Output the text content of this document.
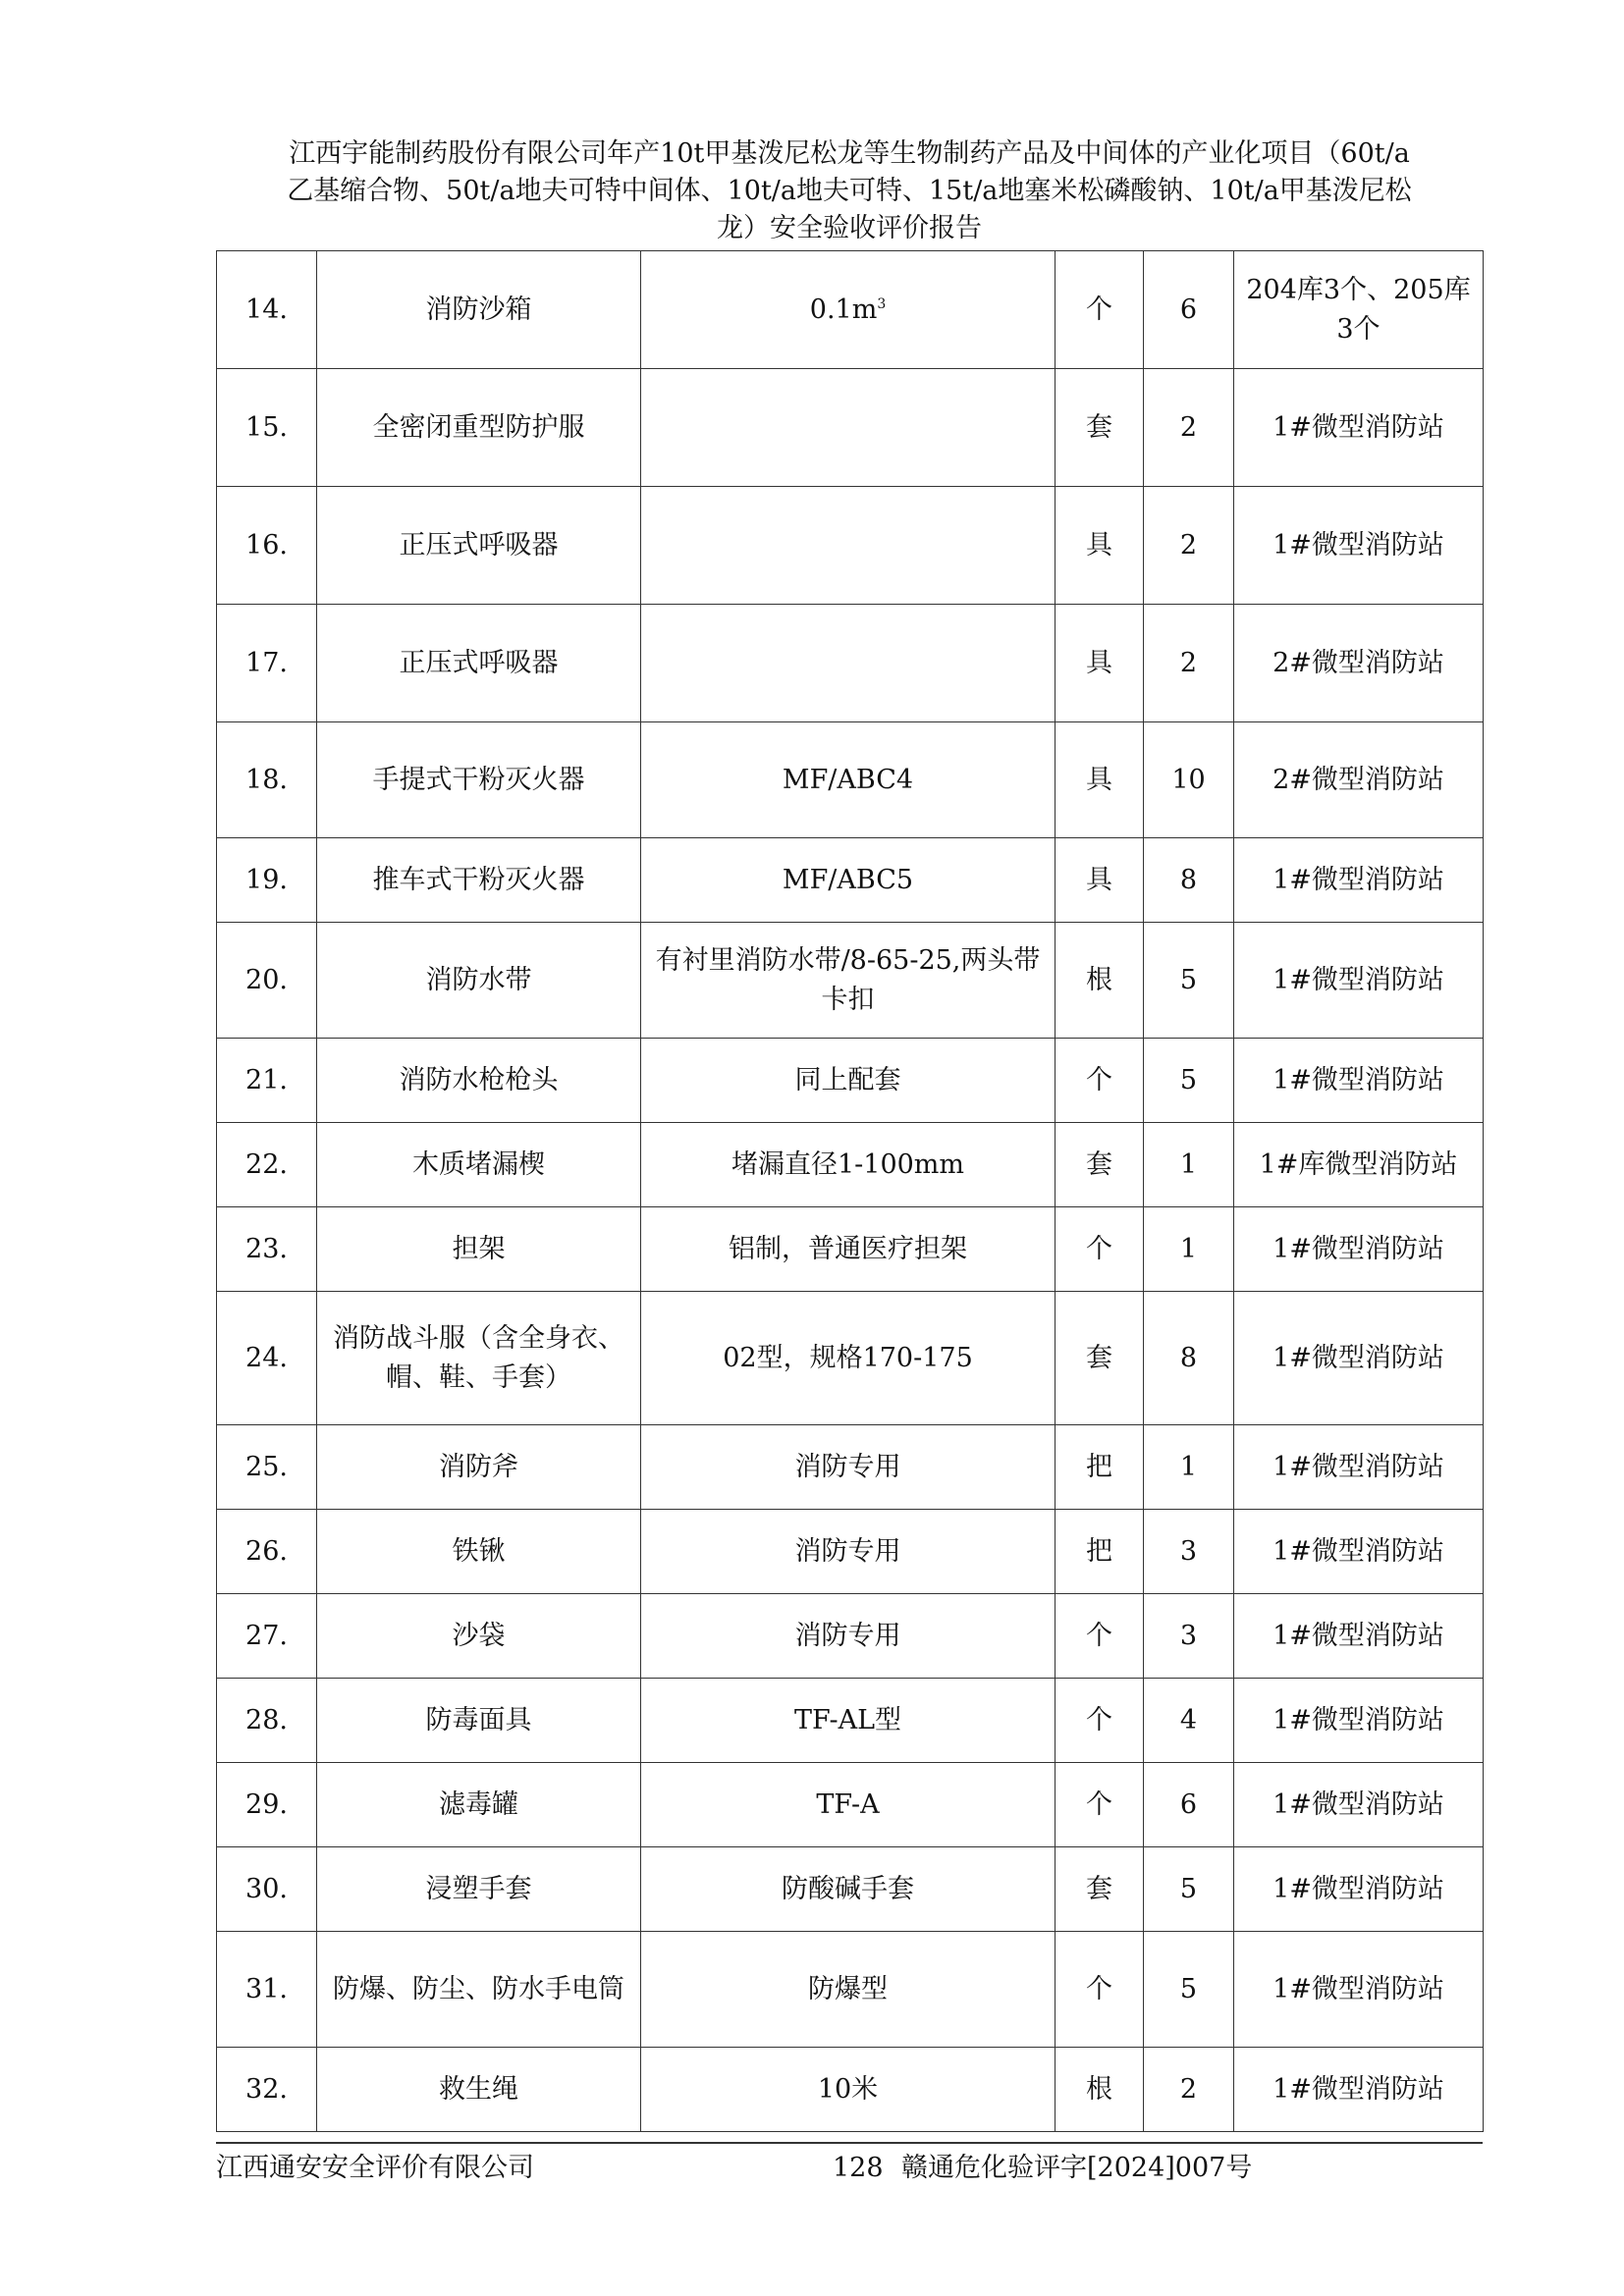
江西宇能制药股份有限公司年产10t甲基泼尼松龙等生物制药产品及中间体的产业化项目（60t/a
乙基缩合物、50t/a地夫可特中间体、10t/a地夫可特、15t/a地塞米松磷酸钠、10t/a甲基泼尼松
龙）安全验收评价报告
14.	消防沙箱	$0.1m^3$	个	6	204库3个、205库3个
15.	全密闭重型防护服		套	2	1#微型消防站
16.	正压式呼吸器		具	2	1#微型消防站
17.	正压式呼吸器		具	2	2#微型消防站
18.	手提式干粉灭火器	MF/ABC4	具	10	2#微型消防站
19.	推车式干粉灭火器	MF/ABC5	具	8	1#微型消防站
20.	消防水带	有衬里消防水带/8-65-25,两头带卡扣	根	5	1#微型消防站
21.	消防水枪枪头	同上配套	个	5	1#微型消防站
22.	木质堵漏楔	堵漏直径1-100mm	套	1	1#库微型消防站
23.	担架	铝制，普通医疗担架	个	1	1#微型消防站
24.	消防战斗服（含全身衣、帽、鞋、手套）	02型，规格170-175	套	8	1#微型消防站
25.	消防斧	消防专用	把	1	1#微型消防站
26.	铁锹	消防专用	把	3	1#微型消防站
27.	沙袋	消防专用	个	3	1#微型消防站
28.	防毒面具	TF-AL型	个	4	1#微型消防站
29.	滤毒罐	TF-A	个	6	1#微型消防站
30.	浸塑手套	防酸碱手套	套	5	1#微型消防站
31.	防爆、防尘、防水手电筒	防爆型	个	5	1#微型消防站
32.	救生绳	10米	根	2	1#微型消防站
江西通安安全评价有限公司	128 赣通危化验评字[2024]007号
